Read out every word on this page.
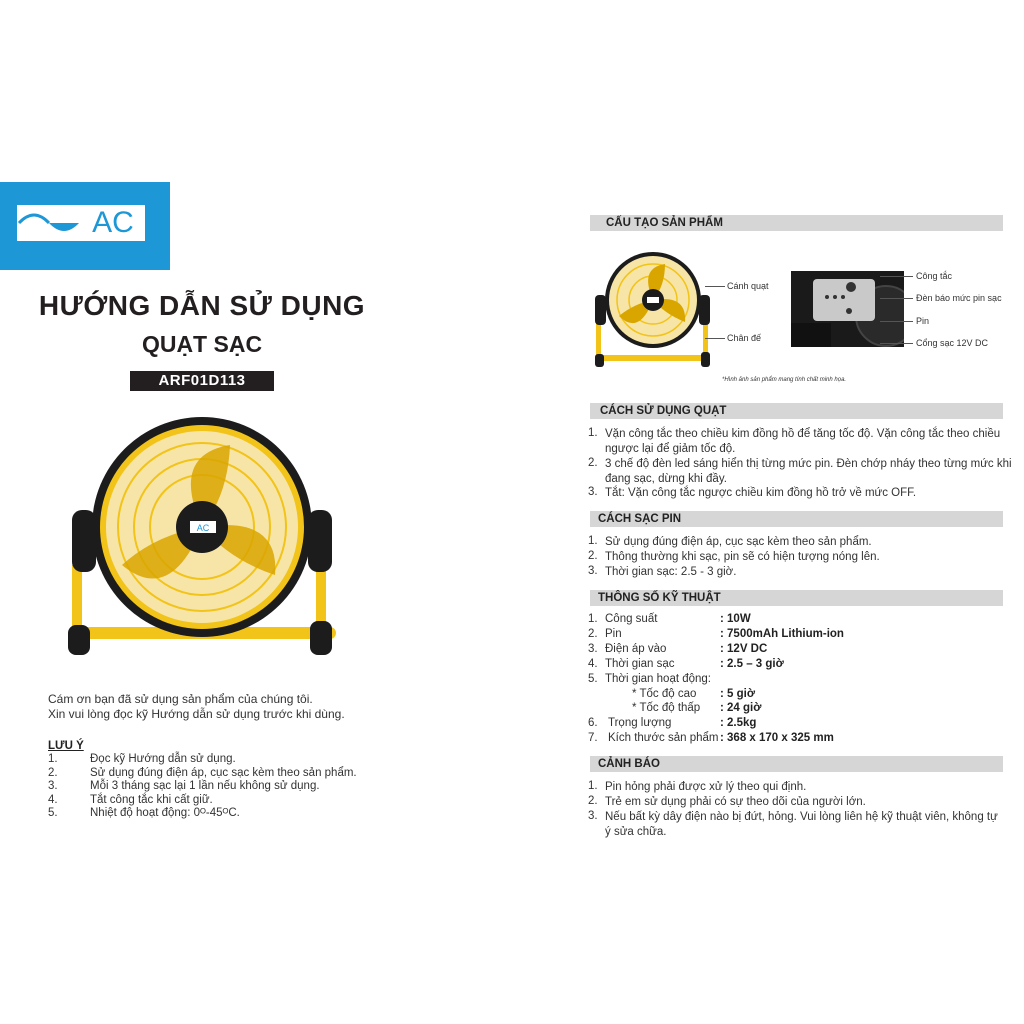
AC
HƯỚNG DẪN SỬ DỤNG
QUẠT SẠC
ARF01D113
AC
Cám ơn bạn đã sử dụng sản phẩm của chúng tôi.
Xin vui lòng đọc kỹ Hướng dẫn sử dụng trước khi dùng.
LƯU Ý
1.	Đọc kỹ Hướng dẫn sử dụng.
2.	Sử dụng đúng điện áp, cục sạc kèm theo sản phẩm.
3.	Mỗi 3 tháng sạc lại 1 lần nếu không sử dụng.
4.	Tắt công tắc khi cất giữ.
5.	Nhiệt độ hoạt động: 0ᴼ-45ᴼC.
CẤU TẠO SẢN PHẨM
Cánh quạt
Chân đế
Công tắc
Đèn báo mức pin sạc
Pin
Cổng sạc 12V DC
*Hình ảnh sản phẩm mang tính chất minh họa.
CÁCH SỬ DỤNG QUẠT
1. Vặn công tắc theo chiều kim đồng hồ để tăng tốc độ. Vặn công tắc theo chiều
ngược lại để giảm tốc độ.
2. 3 chế độ đèn led sáng hiển thị từng mức pin. Đèn chớp nháy theo từng mức khi
đang sạc, dừng khi đầy.
3. Tắt: Vặn công tắc ngược chiều kim đồng hồ trở về mức OFF.
CÁCH SẠC PIN
1. Sử dụng đúng điện áp, cục sạc kèm theo sản phẩm.
2. Thông thường khi sạc, pin sẽ có hiện tượng nóng lên.
3. Thời gian sạc: 2.5 - 3 giờ.
THÔNG SỐ KỸ THUẬT
1. Công suất	: 10W
2. Pin	: 7500mAh Lithium-ion
3. Điện áp vào	: 12V DC
4. Thời gian sạc	: 2.5 – 3 giờ
5. Thời gian hoạt động:
* Tốc độ cao : 5 giờ
* Tốc độ thấp : 24 giờ
6. Trọng lượng	: 2.5kg
7. Kích thước sản phẩm : 368 x 170 x 325 mm
CẢNH BÁO
1. Pin hỏng phải được xử lý theo qui định.
2. Trẻ em sử dụng phải có sự theo dõi của người lớn.
3. Nếu bất kỳ dây điện nào bị đứt, hỏng. Vui lòng liên hệ kỹ thuật viên, không tự
ý sửa chữa.
